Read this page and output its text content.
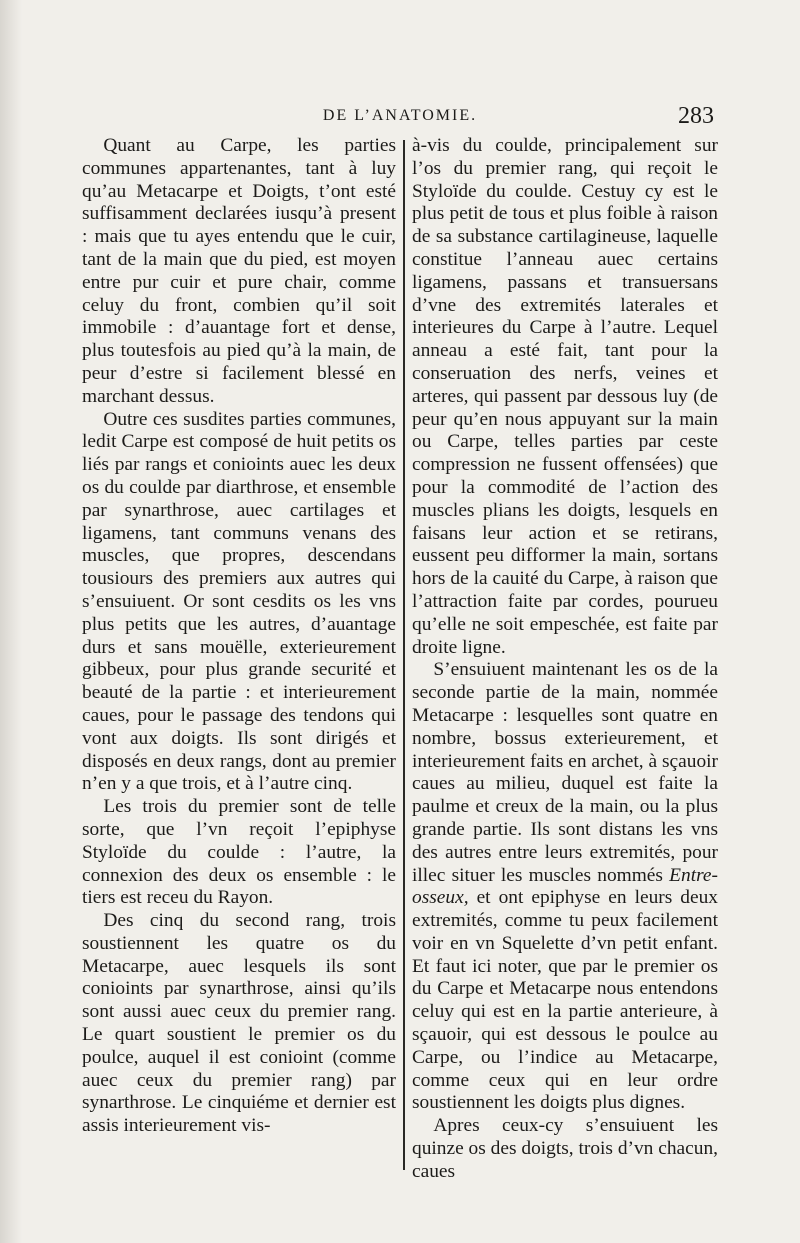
DE L’ANATOMIE.	283

Quant au Carpe, les parties communes appartenantes, tant à luy qu’au Metacarpe et Doigts, t’ont esté suffisamment declarées iusqu’à present : mais que tu ayes entendu que le cuir, tant de la main que du pied, est moyen entre pur cuir et pure chair, comme celuy du front, combien qu’il soit immobile : d’auantage fort et dense, plus toutesfois au pied qu’à la main, de peur d’estre si facilement blessé en marchant dessus.

Outre ces susdites parties communes, ledit Carpe est composé de huit petits os liés par rangs et conioints auec les deux os du coulde par diarthrose, et ensemble par synarthrose, auec cartilages et ligamens, tant communs venans des muscles, que propres, descendans tousiours des premiers aux autres qui s’ensuiuent. Or sont cesdits os les vns plus petits que les autres, d’auantage durs et sans mouëlle, exterieurement gibbeux, pour plus grande securité et beauté de la partie : et interieurement caues, pour le passage des tendons qui vont aux doigts. Ils sont dirigés et disposés en deux rangs, dont au premier n’en y a que trois, et à l’autre cinq.

Les trois du premier sont de telle sorte, que l’vn reçoit l’epiphyse Styloïde du coulde : l’autre, la connexion des deux os ensemble : le tiers est receu du Rayon.

Des cinq du second rang, trois soustiennent les quatre os du Metacarpe, auec lesquels ils sont conioints par synarthrose, ainsi qu’ils sont aussi auec ceux du premier rang. Le quart soustient le premier os du poulce, auquel il est conioint (comme auec ceux du premier rang) par synarthrose. Le cinquiéme et dernier est assis interieurement vis-

à-vis du coulde, principalement sur l’os du premier rang, qui reçoit le Styloïde du coulde. Cestuy cy est le plus petit de tous et plus foible à raison de sa substance cartilagineuse, laquelle constitue l’anneau auec certains ligamens, passans et transuersans d’vne des extremités laterales et interieures du Carpe à l’autre. Lequel anneau a esté fait, tant pour la conseruation des nerfs, veines et arteres, qui passent par dessous luy (de peur qu’en nous appuyant sur la main ou Carpe, telles parties par ceste compression ne fussent offensées) que pour la commodité de l’action des muscles plians les doigts, lesquels en faisans leur action et se retirans, eussent peu difformer la main, sortans hors de la cauité du Carpe, à raison que l’attraction faite par cordes, pourueu qu’elle ne soit empeschée, est faite par droite ligne.

S’ensuiuent maintenant les os de la seconde partie de la main, nommée Metacarpe : lesquelles sont quatre en nombre, bossus exterieurement, et interieurement faits en archet, à sçauoir caues au milieu, duquel est faite la paulme et creux de la main, ou la plus grande partie. Ils sont distans les vns des autres entre leurs extremités, pour illec situer les muscles nommés Entre-osseux, et ont epiphyse en leurs deux extremités, comme tu peux facilement voir en vn Squelette d’vn petit enfant. Et faut ici noter, que par le premier os du Carpe et Metacarpe nous entendons celuy qui est en la partie anterieure, à sçauoir, qui est dessous le poulce au Carpe, ou l’indice au Metacarpe, comme ceux qui en leur ordre soustiennent les doigts plus dignes.

Apres ceux-cy s’ensuiuent les quinze os des doigts, trois d’vn chacun, caues
